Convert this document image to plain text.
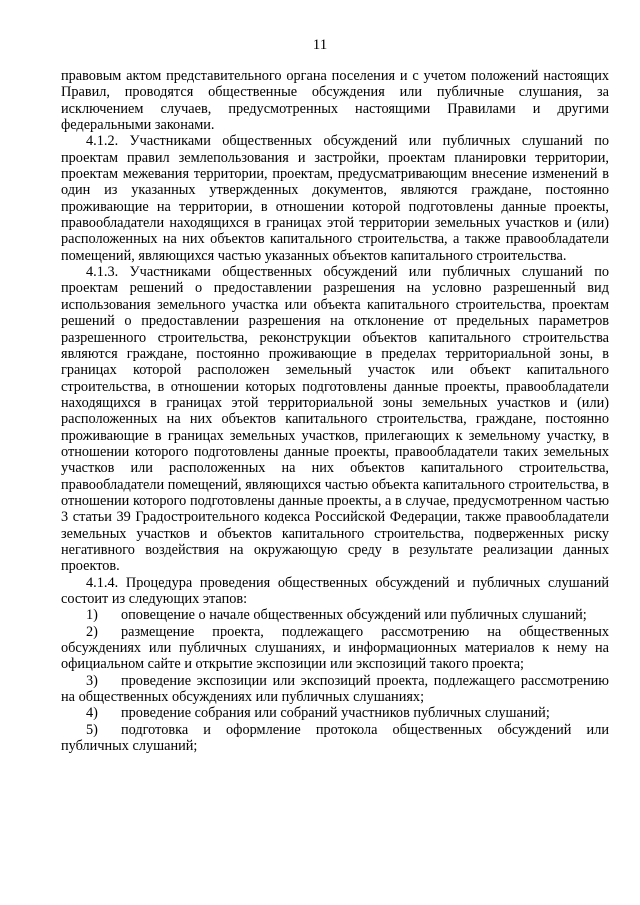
11

правовым актом представительного органа поселения и с учетом положений настоящих Правил, проводятся общественные обсуждения или публичные слушания, за исключением случаев, предусмотренных настоящими Правилами и другими федеральными законами.

4.1.2. Участниками общественных обсуждений или публичных слушаний по проектам правил землепользования и застройки, проектам планировки территории, проектам межевания территории, проектам, предусматривающим внесение изменений в один из указанных утвержденных документов, являются граждане, постоянно проживающие на территории, в отношении которой подготовлены данные проекты, правообладатели находящихся в границах этой территории земельных участков и (или) расположенных на них объектов капитального строительства, а также правообладатели помещений, являющихся частью указанных объектов капитального строительства.

4.1.3. Участниками общественных обсуждений или публичных слушаний по проектам решений о предоставлении разрешения на условно разрешенный вид использования земельного участка или объекта капитального строительства, проектам решений о предоставлении разрешения на отклонение от предельных параметров разрешенного строительства, реконструкции объектов капитального строительства являются граждане, постоянно проживающие в пределах территориальной зоны, в границах которой расположен земельный участок или объект капитального строительства, в отношении которых подготовлены данные проекты, правообладатели находящихся в границах этой территориальной зоны земельных участков и (или) расположенных на них объектов капитального строительства, граждане, постоянно проживающие в границах земельных участков, прилегающих к земельному участку, в отношении которого подготовлены данные проекты, правообладатели таких земельных участков или расположенных на них объектов капитального строительства, правообладатели помещений, являющихся частью объекта капитального строительства, в отношении которого подготовлены данные проекты, а в случае, предусмотренном частью 3 статьи 39 Градостроительного кодекса Российской Федерации, также правообладатели земельных участков и объектов капитального строительства, подверженных риску негативного воздействия на окружающую среду в результате реализации данных проектов.

4.1.4. Процедура проведения общественных обсуждений и публичных слушаний состоит из следующих этапов:

1) оповещение о начале общественных обсуждений или публичных слушаний;

2) размещение проекта, подлежащего рассмотрению на общественных обсуждениях или публичных слушаниях, и информационных материалов к нему на официальном сайте и открытие экспозиции или экспозиций такого проекта;

3) проведение экспозиции или экспозиций проекта, подлежащего рассмотрению на общественных обсуждениях или публичных слушаниях;

4) проведение собрания или собраний участников публичных слушаний;

5) подготовка и оформление протокола общественных обсуждений или публичных слушаний;
